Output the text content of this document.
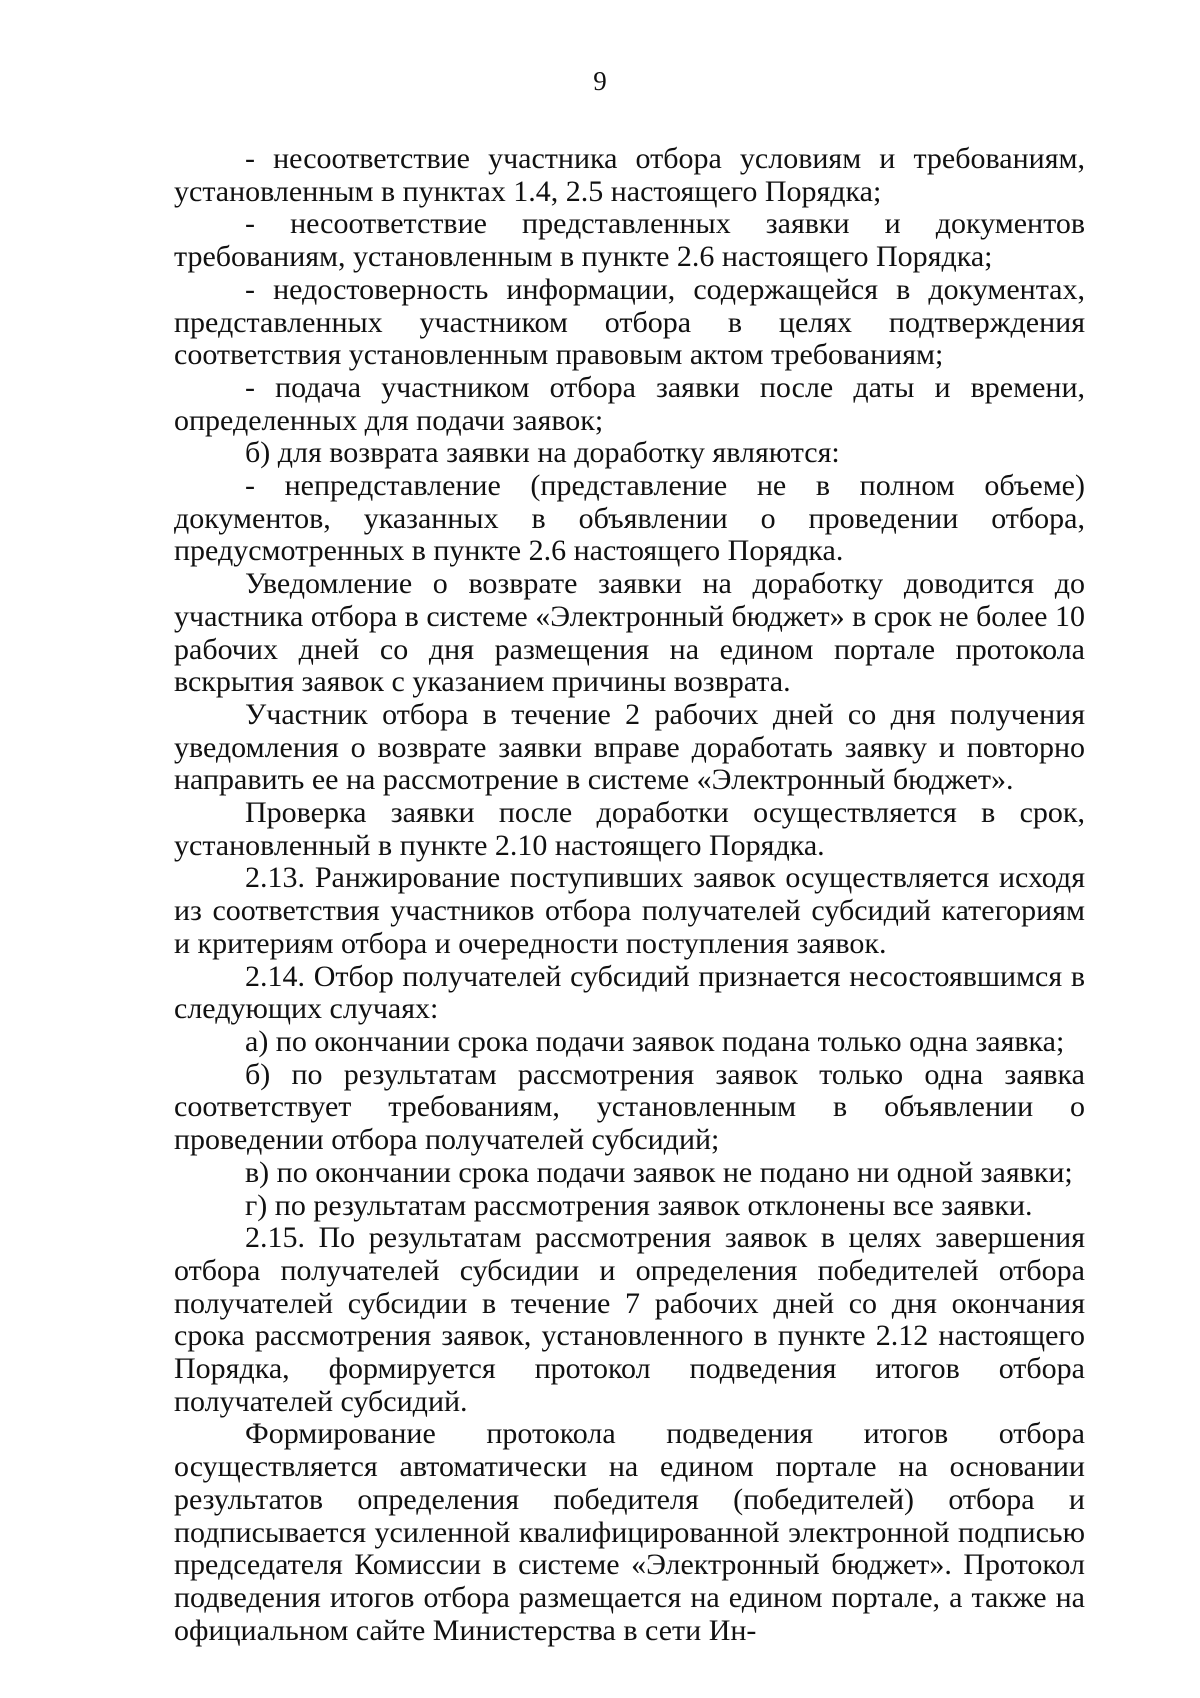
9

- несоответствие участника отбора условиям и требованиям, установленным в пунктах 1.4, 2.5 настоящего Порядка;

- несоответствие представленных заявки и документов требованиям, установленным в пункте 2.6 настоящего Порядка;

- недостоверность информации, содержащейся в документах, представленных участником отбора в целях подтверждения соответствия установленным правовым актом требованиям;

- подача участником отбора заявки после даты и времени, определенных для подачи заявок;

б) для возврата заявки на доработку являются:

- непредставление (представление не в полном объеме) документов, указанных в объявлении о проведении отбора, предусмотренных в пункте 2.6 настоящего Порядка.

Уведомление о возврате заявки на доработку доводится до участника отбора в системе «Электронный бюджет» в срок не более 10 рабочих дней со дня размещения на едином портале протокола вскрытия заявок с указанием причины возврата.

Участник отбора в течение 2 рабочих дней со дня получения уведомления о возврате заявки вправе доработать заявку и повторно направить ее на рассмотрение в системе «Электронный бюджет».

Проверка заявки после доработки осуществляется в срок, установленный в пункте 2.10 настоящего Порядка.

2.13. Ранжирование поступивших заявок осуществляется исходя из соответствия участников отбора получателей субсидий категориям и критериям отбора и очередности поступления заявок.

2.14. Отбор получателей субсидий признается несостоявшимся в следующих случаях:

а) по окончании срока подачи заявок подана только одна заявка;

б) по результатам рассмотрения заявок только одна заявка соответствует требованиям, установленным в объявлении о проведении отбора получателей субсидий;

в) по окончании срока подачи заявок не подано ни одной заявки;

г) по результатам рассмотрения заявок отклонены все заявки.

2.15. По результатам рассмотрения заявок в целях завершения отбора получателей субсидии и определения победителей отбора получателей субсидии в течение 7 рабочих дней со дня окончания срока рассмотрения заявок, установленного в пункте 2.12 настоящего Порядка, формируется протокол подведения итогов отбора получателей субсидий.

Формирование протокола подведения итогов отбора осуществляется автоматически на едином портале на основании результатов определения победителя (победителей) отбора и подписывается усиленной квалифицированной электронной подписью председателя Комиссии в системе «Электронный бюджет». Протокол подведения итогов отбора размещается на едином портале, а также на официальном сайте Министерства в сети Ин-
